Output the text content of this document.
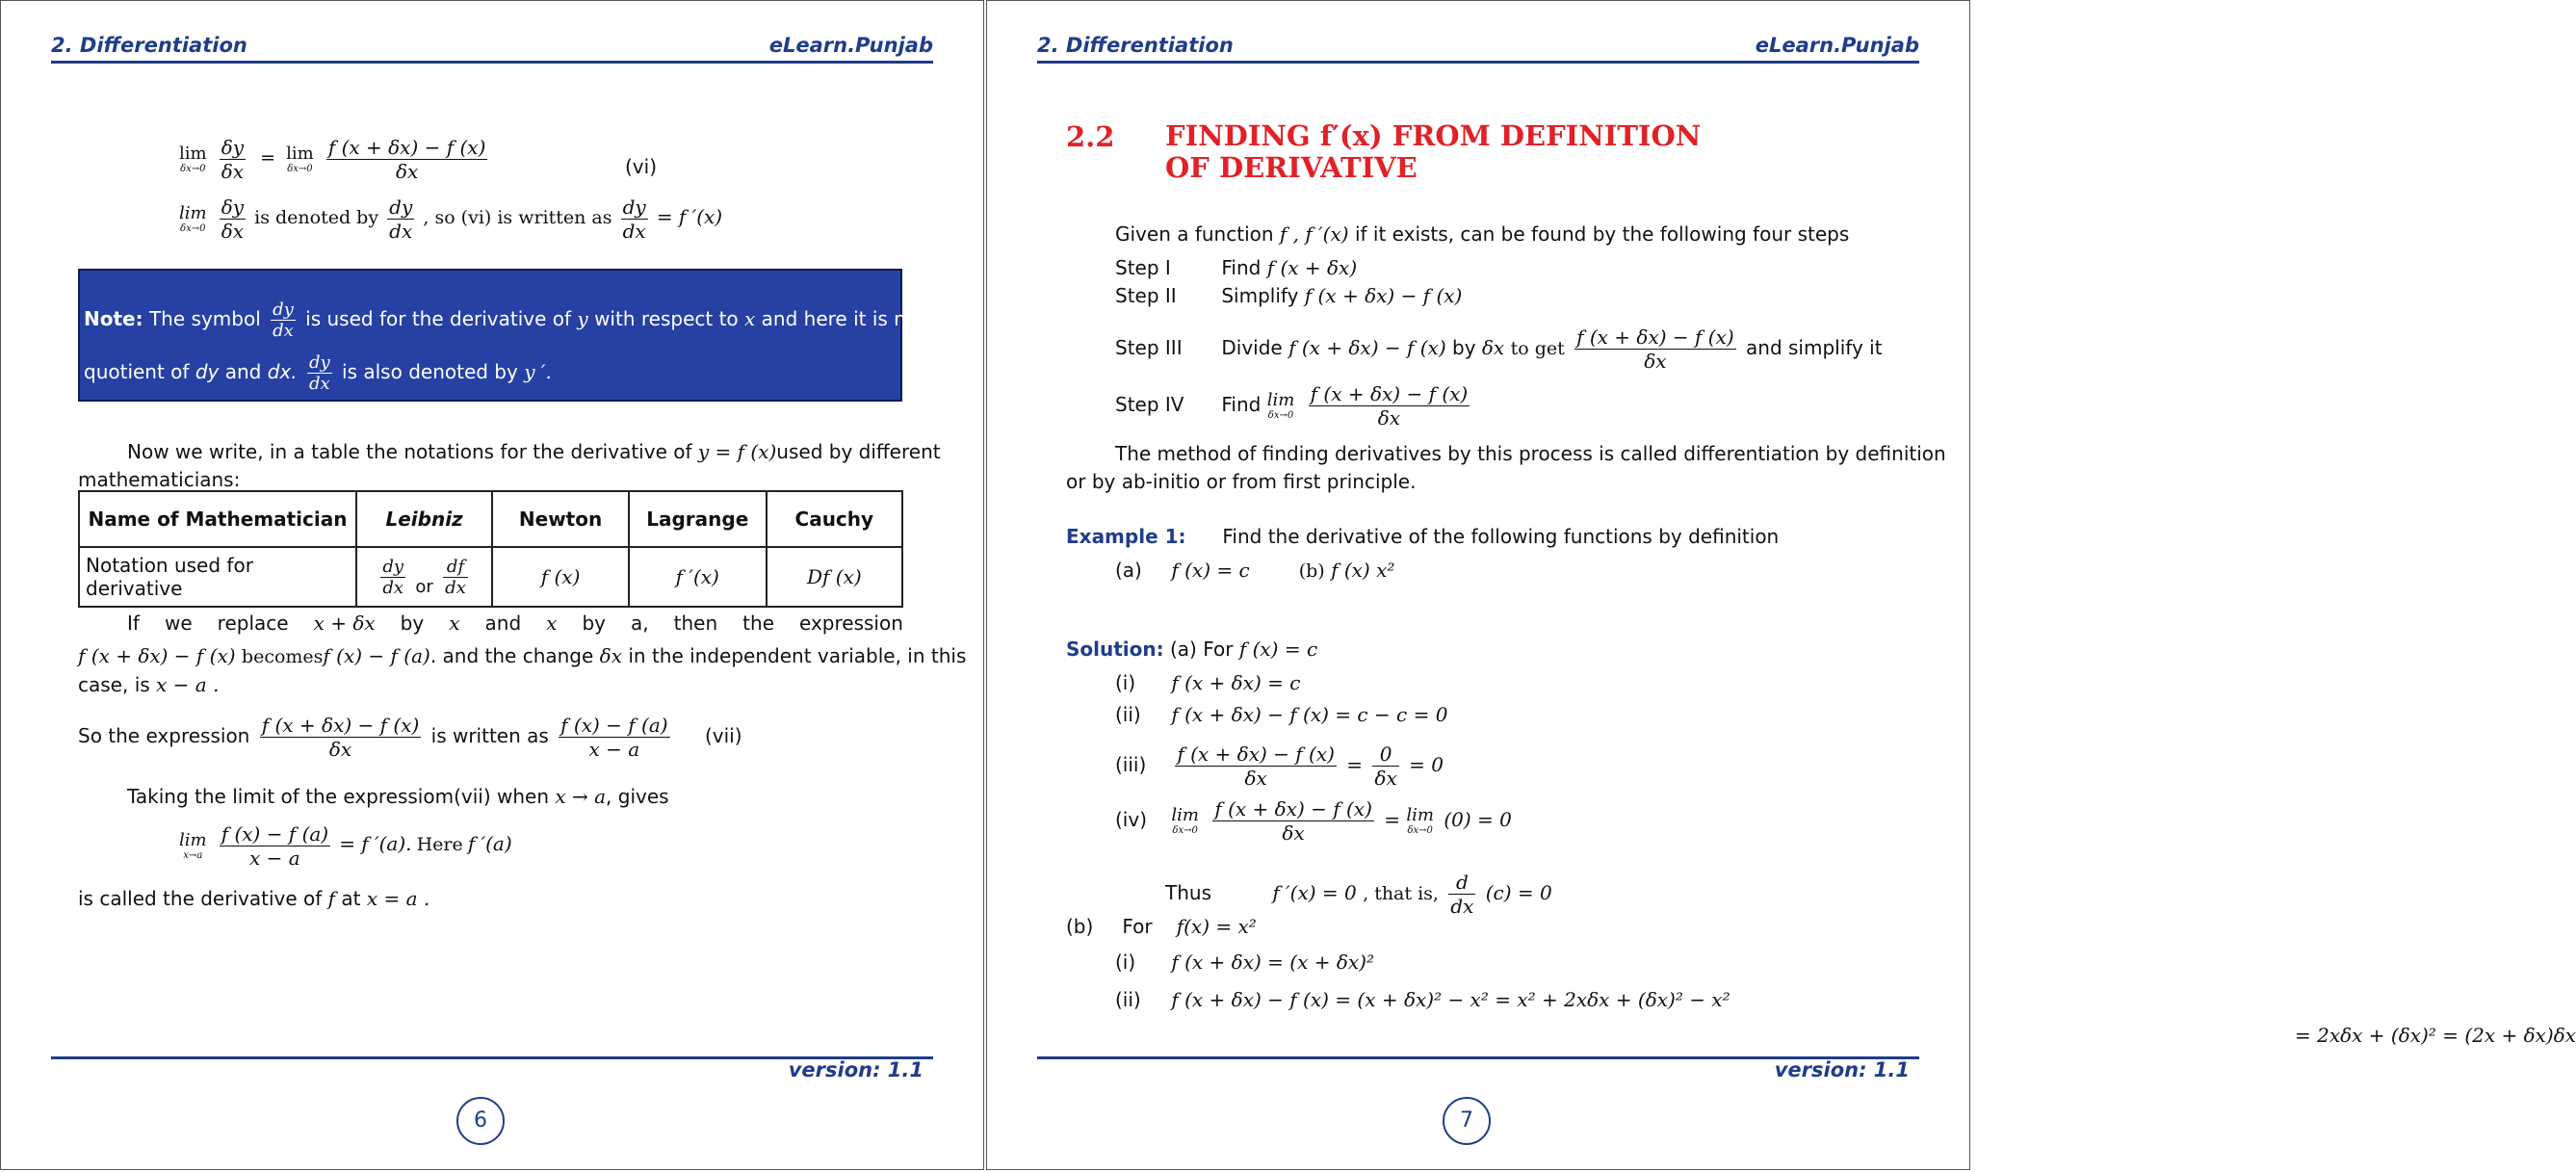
2. Differentiation	eLearn.Punjab
lim
δx→0
$\frac{\delta y}{\delta x} = \lim$
δx→0
$\frac{f (x + \delta x) - f (x)}{\delta x}$	(vi)
lim
δx→0
$\frac{\delta y}{\delta x}$ is denoted by $\frac{dy}{dx}$ , so (vi) is written as $\frac{dy}{dx} = f$ ′(x)
Note: The symbol $\frac{dy}{dx}$ is used for the derivative of y with respect to x and here it is not a
quotient of dy and dx. $\frac{dy}{dx}$ is also denoted by y ′.
Now we write, in a table the notations for the derivative of y = f (x)used by different
mathematicians:
Name of Mathematician	Leibniz	Newton	Lagrange	Cauchy
Notation used for derivative	$\frac{dy}{dx}$ or $\frac{df}{dx}$	f (x)	f ′(x)	Df (x)
If we replace x + δx by x and x by a, then the expression
f (x + δx) − f (x) becomesf (x) − f (a). and the change δx in the independent variable, in this
case, is x − a .
So the expression $\frac{f (x + \delta x) - f (x)}{\delta x}$ is written as $\frac{f (x) - f (a)}{x - a} (vii)$
Taking the limit of the expressiom(vii) when x → a, gives
lim
x→a
$\frac{f (x) - f (a)}{x - a} = f$ ′(a). Here f ′(a)
is called the derivative of f at x = a .
version: 1.1
6
2. Differentiation	eLearn.Punjab
2.2 FINDING f′(x) FROM DEFINITION
OF DERIVATIVE
Given a function f , f ′(x) if it exists, can be found by the following four steps
Step I	Find f (x + δx)
Step II Simplify f (x + δx) − f (x)
Step III Divide f (x + δx) − f (x) by δx to get $\frac{f (x + \delta x) - f (x)}{\delta x}$ and simplify it
Step IV Find lim
δx→0
$\frac{f (x + \delta x) - f (x)}{\delta x}$
The method of finding derivatives by this process is called differentiation by definition
or by ab-initio or from first principle.
Example 1: Find the derivative of the following functions by definition
(a) f (x) = c	(b) f (x) x²
Solution: (a) For f (x) = c
(i) f (x + δx) = c
(ii) f (x + δx) − f (x) = c − c = 0
$(iii) \frac{f (x + \delta x) - f (x)}{\delta x} = \frac{0}{\delta x} = 0$
(iv) lim
δx→0
$\frac{f (x + \delta x) - f (x)}{\delta x} = \lim$
δx→0 (0) = 0
Thus	f ′(x) = 0 , that is, $\frac{d}{dx} (c) = 0$
(b) For f(x) = x²
(i) f (x + δx) = (x + δx)²
(ii) f (x + δx) − f (x) = (x + δx)² − x² = x² + 2xδx + (δx)² − x²
= 2xδx + (δx)² = (2x + δx)δx
version: 1.1
7
